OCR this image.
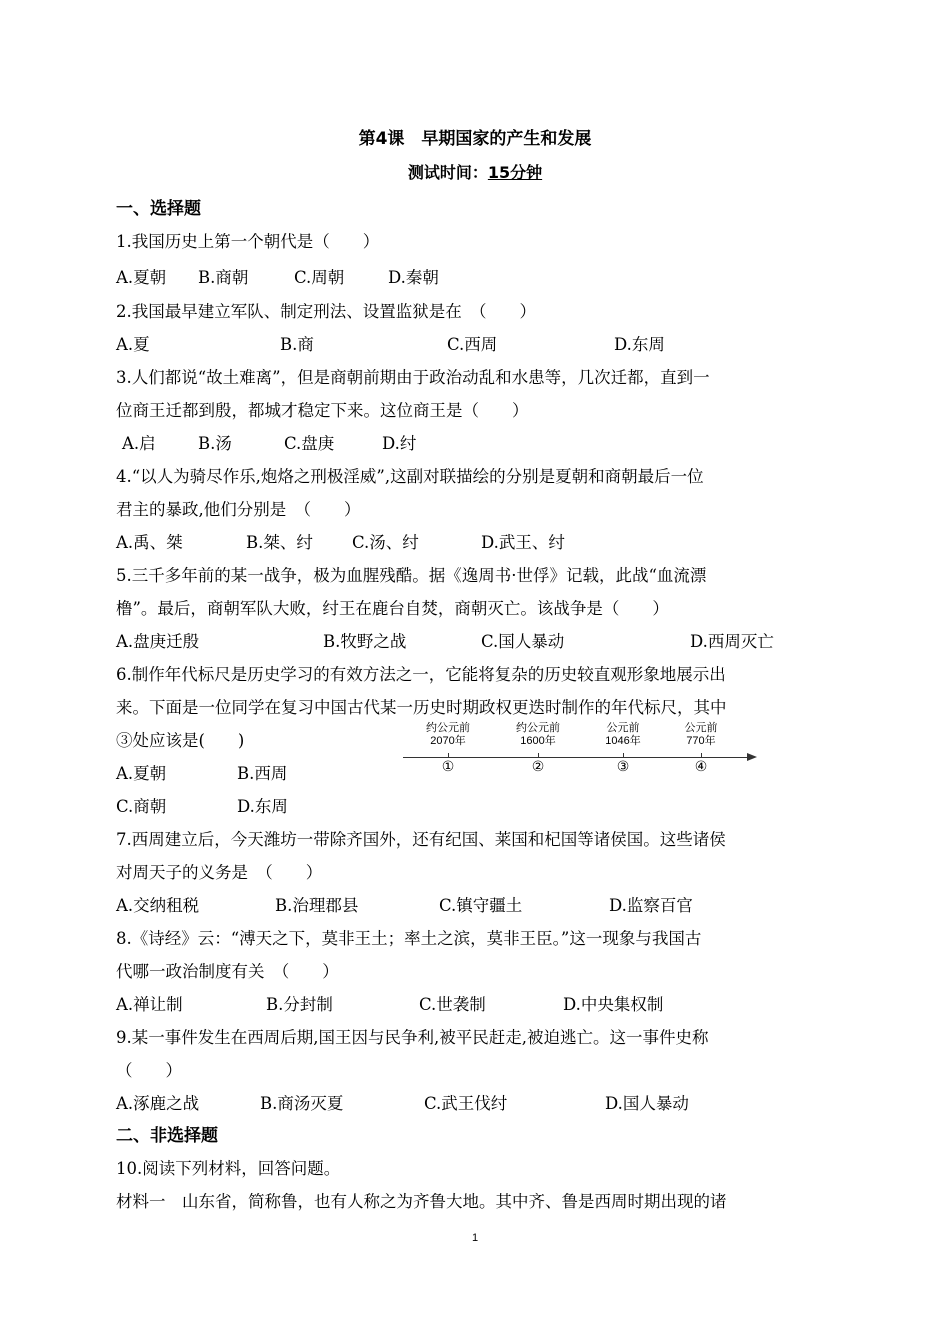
第4课　早期国家的产生和发展
测试时间：15分钟
一、选择题
1.我国历史上第一个朝代是（　　）
A.夏朝 B.商朝	C.周朝	D.秦朝
2.我国最早建立军队、制定刑法、设置监狱是在　（　　）
A.夏	B.商	C.西周	D.东周
3.人们都说“故土难离”，但是商朝前期由于政治动乱和水患等，几次迁都，直到一
位商王迁都到殷，都城才稳定下来。这位商王是（　　）
A.启	B.汤	C.盘庚	D.纣
4.“以人为骑尽作乐,炮烙之刑极淫威”,这副对联描绘的分别是夏朝和商朝最后一位
君主的暴政,他们分别是　（　　）
A.禹、桀	B.桀、纣 C.汤、纣	D.武王、纣
5.三千多年前的某一战争，极为血腥残酷。据《逸周书·世俘》记载，此战“血流漂
橹”。最后，商朝军队大败，纣王在鹿台自焚，商朝灭亡。该战争是（　　）
A.盘庚迁殷	B.牧野之战	C.国人暴动	D.西周灭亡
6.制作年代标尺是历史学习的有效方法之一，它能将复杂的历史较直观形象地展示出
来。下面是一位同学在复习中国古代某一历史时期政权更迭时制作的年代标尺，其中
③处应该是(　　)
约公元前
2070年
约公元前
1600年
公元前
1046年
公元前
770年
①	②	③	④
A.夏朝	B.西周
C.商朝	D.东周
7.西周建立后，今天潍坊一带除齐国外，还有纪国、莱国和杞国等诸侯国。这些诸侯
对周天子的义务是　（　　）
A.交纳租税	B.治理郡县	C.镇守疆土	D.监察百官
8.《诗经》云：“溥天之下，莫非王土；率土之滨，莫非王臣。”这一现象与我国古
代哪一政治制度有关　（　　）
A.禅让制	B.分封制	C.世袭制	D.中央集权制
9.某一事件发生在西周后期,国王因与民争利,被平民赶走,被迫逃亡。这一事件史称
（　　）
A.涿鹿之战	B.商汤灭夏	C.武王伐纣	D.国人暴动
二、非选择题
10.阅读下列材料，回答问题。
材料一　山东省，简称鲁，也有人称之为齐鲁大地。其中齐、鲁是西周时期出现的诸
1
